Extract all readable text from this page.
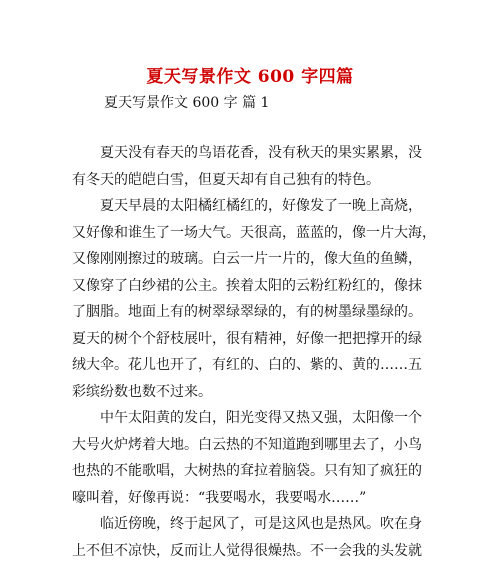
夏天写景作文 600 字四篇
夏天写景作文 600 字 篇 1
夏天没有春天的鸟语花香，没有秋天的果实累累，没
有冬天的皑皑白雪，但夏天却有自己独有的特色。
夏天早晨的太阳橘红橘红的，好像发了一晚上高烧，
又好像和谁生了一场大气。天很高，蓝蓝的，像一片大海，
又像刚刚擦过的玻璃。白云一片一片的，像大鱼的鱼鳞，
又像穿了白纱裙的公主。挨着太阳的云粉红粉红的，像抹
了胭脂。地面上有的树翠绿翠绿的，有的树墨绿墨绿的。
夏天的树个个舒枝展叶，很有精神，好像一把把撑开的绿
绒大伞。花儿也开了，有红的、白的、紫的、黄的……五
彩缤纷数也数不过来。
中午太阳黄的发白，阳光变得又热又强，太阳像一个
大号火炉烤着大地。白云热的不知道跑到哪里去了，小鸟
也热的不能歌唱，大树热的耷拉着脑袋。只有知了疯狂的
嚎叫着，好像再说：“我要喝水，我要喝水……”
临近傍晚，终于起风了，可是这风也是热风。吹在身
上不但不凉快，反而让人觉得很燥热。不一会我的头发就
